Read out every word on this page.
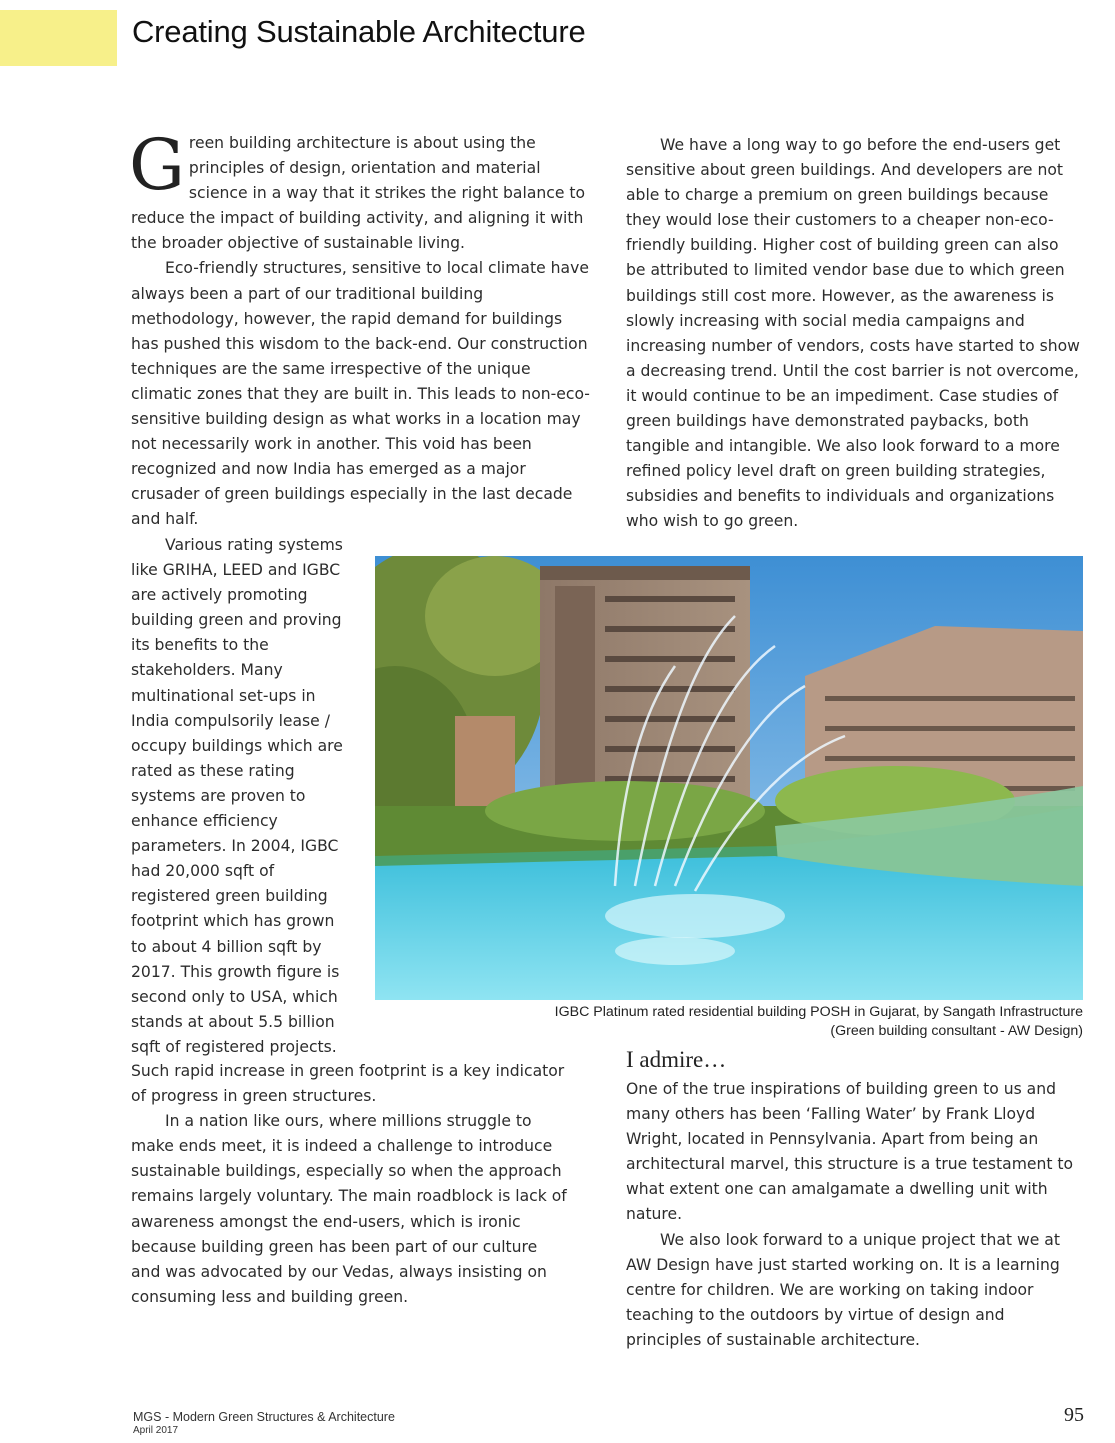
Creating Sustainable Architecture

Green building architecture is about using the principles of design, orientation and material science in a way that it strikes the right balance to reduce the impact of building activity, and aligning it with the broader objective of sustainable living.

Eco-friendly structures, sensitive to local climate have always been a part of our traditional building methodology, however, the rapid demand for buildings has pushed this wisdom to the back-end. Our construction techniques are the same irrespective of the unique climatic zones that they are built in. This leads to non-eco-sensitive building design as what works in a location may not necessarily work in another. This void has been recognized and now India has emerged as a major crusader of green buildings especially in the last decade and half.

Various rating systems like GRIHA, LEED and IGBC are actively promoting building green and proving its benefits to the stakeholders. Many multinational set-ups in India compulsorily lease / occupy buildings which are rated as these rating systems are proven to enhance efficiency parameters. In 2004, IGBC had 20,000 sqft of registered green building footprint which has grown to about 4 billion sqft by 2017. This growth figure is second only to USA, which stands at about 5.5 billion sqft of registered projects.

Such rapid increase in green footprint is a key indicator of progress in green structures.

In a nation like ours, where millions struggle to make ends meet, it is indeed a challenge to introduce sustainable buildings, especially so when the approach remains largely voluntary. The main roadblock is lack of awareness amongst the end-users, which is ironic because building green has been part of our culture and was advocated by our Vedas, always insisting on consuming less and building green.

We have a long way to go before the end-users get sensitive about green buildings. And developers are not able to charge a premium on green buildings because they would lose their customers to a cheaper non-eco-friendly building. Higher cost of building green can also be attributed to limited vendor base due to which green buildings still cost more. However, as the awareness is slowly increasing with social media campaigns and increasing number of vendors, costs have started to show a decreasing trend. Until the cost barrier is not overcome, it would continue to be an impediment. Case studies of green buildings have demonstrated paybacks, both tangible and intangible. We also look forward to a more refined policy level draft on green building strategies, subsidies and benefits to individuals and organizations who wish to go green.

IGBC Platinum rated residential building POSH in Gujarat, by Sangath Infrastructure
(Green building consultant - AW Design)
I admire…

One of the true inspirations of building green to us and many others has been ‘Falling Water’ by Frank Lloyd Wright, located in Pennsylvania. Apart from being an architectural marvel, this structure is a true testament to what extent one can amalgamate a dwelling unit with nature.

We also look forward to a unique project that we at AW Design have just started working on. It is a learning centre for children. We are working on taking indoor teaching to the outdoors by virtue of design and principles of sustainable architecture.

MGS - Modern Green Structures & Architecture
April 2017
95
